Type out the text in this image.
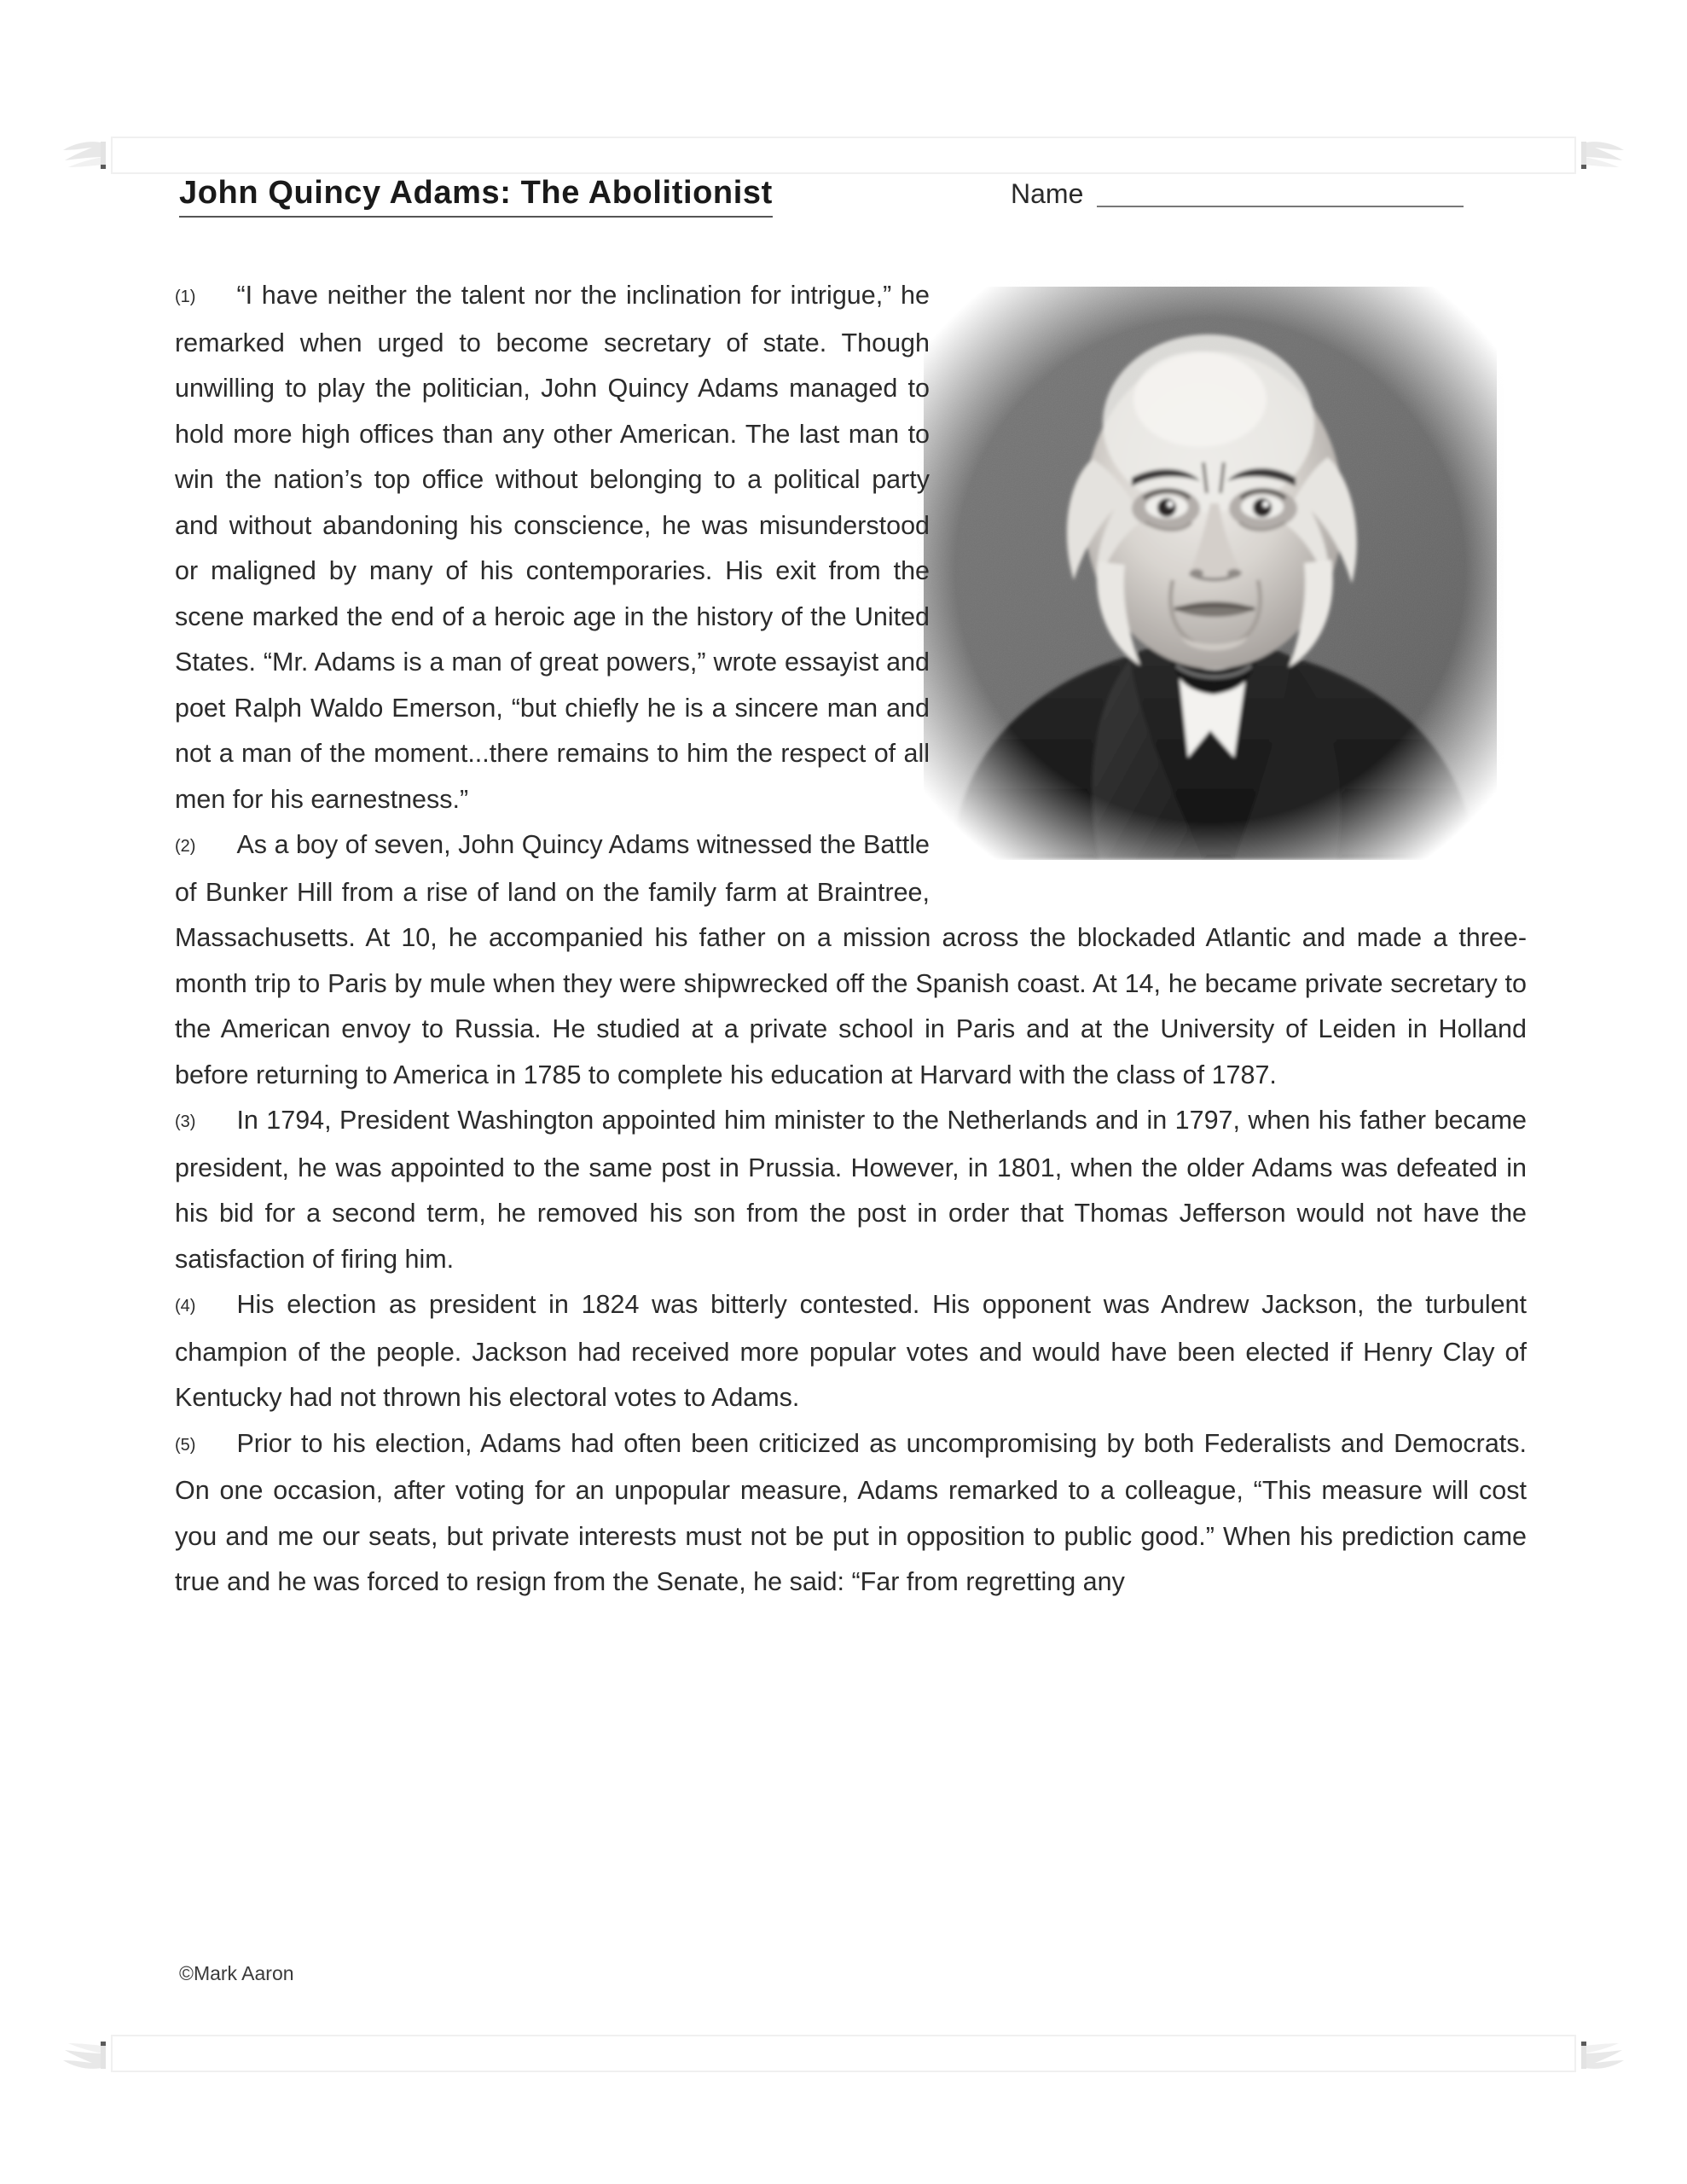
John Quincy Adams: The Abolitionist	Name

(1) “I have neither the talent nor the inclination for intrigue,” he remarked when urged to become secretary of state. Though unwilling to play the politician, John Quincy Adams managed to hold more high offices than any other American. The last man to win the nation’s top office without belonging to a political party and without abandoning his conscience, he was misunderstood or maligned by many of his contemporaries. His exit from the scene marked the end of a heroic age in the history of the United States. “Mr. Adams is a man of great powers,” wrote essayist and poet Ralph Waldo Emerson, “but chiefly he is a sincere man and not a man of the moment...there remains to him the respect of all men for his earnestness.”

(2) As a boy of seven, John Quincy Adams witnessed the Battle of Bunker Hill from a rise of land on the family farm at Braintree, Massachusetts. At 10, he accompanied his father on a mission across the blockaded Atlantic and made a three-month trip to Paris by mule when they were shipwrecked off the Spanish coast. At 14, he became private secretary to the American envoy to Russia. He studied at a private school in Paris and at the University of Leiden in Holland before returning to America in 1785 to complete his education at Harvard with the class of 1787.

(3) In 1794, President Washington appointed him minister to the Netherlands and in 1797, when his father became president, he was appointed to the same post in Prussia. However, in 1801, when the older Adams was defeated in his bid for a second term, he removed his son from the post in order that Thomas Jefferson would not have the satisfaction of firing him.

(4) His election as president in 1824 was bitterly contested. His opponent was Andrew Jackson, the turbulent champion of the people. Jackson had received more popular votes and would have been elected if Henry Clay of Kentucky had not thrown his electoral votes to Adams.

(5) Prior to his election, Adams had often been criticized as uncompromising by both Federalists and Democrats. On one occasion, after voting for an unpopular measure, Adams remarked to a colleague, “This measure will cost you and me our seats, but private interests must not be put in opposition to public good.” When his prediction came true and he was forced to resign from the Senate, he said: “Far from regretting any

©Mark Aaron
